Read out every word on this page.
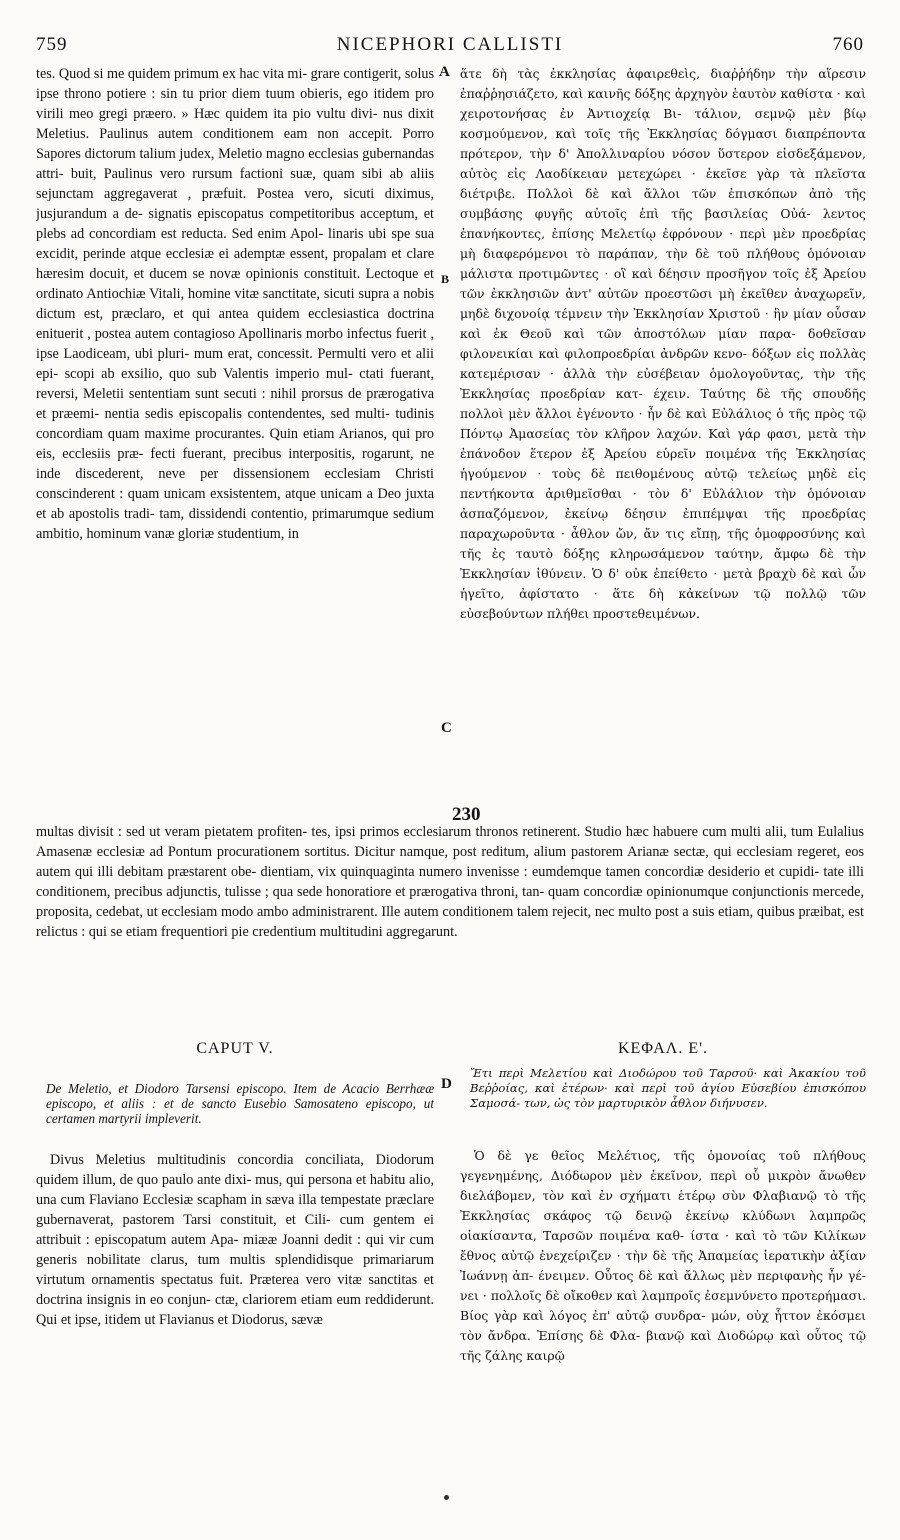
759	NICEPHORI CALLISTI	760

tes. Quod si me quidem primum ex hac vita mi- grare contigerit, solus ipse throno potiere : sin tu prior diem tuum obieris, ego itidem pro virili meo gregi præero. » Hæc quidem ita pio vultu divi- nus dixit Meletius. Paulinus autem conditionem eam non accepit. Porro Sapores dictorum talium judex, Meletio magno ecclesias gubernandas attri- buit, Paulinus vero rursum factioni suæ, quam sibi ab aliis sejunctam aggregaverat , præfuit. Postea vero, sicuti diximus, jusjurandum a de- signatis episcopatus competitoribus acceptum, et plebs ad concordiam est reducta. Sed enim Apol- linaris ubi spe sua excidit, perinde atque ecclesiæ ei ademptæ essent, propalam et clare hæresim docuit, et ducem se novæ opinionis constituit. Lectoque et ordinato Antiochiæ Vitali, homine vitæ sanctitate, sicuti supra a nobis dictum est, præclaro, et qui antea quidem ecclesiastica doctrina enituerit , postea autem contagioso Apollinaris morbo infectus fuerit , ipse Laodiceam, ubi pluri- mum erat, concessit. Permulti vero et alii epi- scopi ab exsilio, quo sub Valentis imperio mul- ctati fuerant, reversi, Meletii sententiam sunt secuti : nihil prorsus de prærogativa et præemi- nentia sedis episcopalis contendentes, sed multi- tudinis concordiam quam maxime procurantes. Quin etiam Arianos, qui pro eis, ecclesiis præ- fecti fuerant, precibus interpositis, rogarunt, ne inde discederent, neve per dissensionem ecclesiam Christi conscinderent : quam unicam exsistentem, atque unicam a Deo juxta et ab apostolis tradi- tam, dissidendi contentio, primarumque sedium ambitio, hominum vanæ gloriæ studentium, in

A
B
C

ἅτε δὴ τὰς ἐκκλησίας ἀφαιρεθεὶς, διαῤῥήδην τὴν αἵρεσιν ἐπαῤῥησιάζετο, καὶ καινῆς δόξης ἀρχηγὸν ἑαυτὸν καθίστα · καὶ χειροτονήσας ἐν Ἀντιοχείᾳ Βι- τάλιον, σεμνῷ μὲν βίῳ κοσμούμενον, καὶ τοῖς τῆς Ἐκκλησίας δόγμασι διαπρέποντα πρότερον, τὴν δ' Ἀπολλιναρίου νόσον ὕστερον εἰσδεξάμενον, αὐτὸς εἰς Λαοδίκειαν μετεχώρει · ἐκεῖσε γὰρ τὰ πλεῖστα διέτριβε. Πολλοὶ δὲ καὶ ἄλλοι τῶν ἐπισκόπων ἀπὸ τῆς συμβάσης φυγῆς αὐτοῖς ἐπὶ τῆς βασιλείας Οὐά- λεντος ἐπανήκοντες, ἐπίσης Μελετίῳ ἐφρόνουν · περὶ μὲν προεδρίας μὴ διαφερόμενοι τὸ παράπαν, τὴν δὲ τοῦ πλήθους ὁμόνοιαν μάλιστα προτιμῶντες · οἳ καὶ δέησιν προσῆγον τοῖς ἐξ Ἀρείου τῶν ἐκκλησιῶν ἀντ' αὐτῶν προεστῶσι μὴ ἐκεῖθεν ἀναχωρεῖν, μηδὲ διχονοίᾳ τέμνειν τὴν Ἐκκλησίαν Χριστοῦ · ἣν μίαν οὖσαν καὶ ἐκ Θεοῦ καὶ τῶν ἀποστόλων μίαν παρα- δοθεῖσαν φιλονεικίαι καὶ φιλοπροεδρίαι ἀνδρῶν κενο- δόξων εἰς πολλὰς κατεμέρισαν · ἀλλὰ τὴν εὐσέβειαν ὁμολογοῦντας, τὴν τῆς Ἐκκλησίας προεδρίαν κατ- έχειν. Ταύτης δὲ τῆς σπουδῆς πολλοὶ μὲν ἄλλοι ἐγένοντο · ἦν δὲ καὶ Εὐλάλιος ὁ τῆς πρὸς τῷ Πόντῳ Ἀμασείας τὸν κλῆρον λαχών. Καὶ γάρ φασι, μετὰ τὴν ἐπάνοδον ἕτερον ἐξ Ἀρείου εὑρεῖν ποιμένα τῆς Ἐκκλησίας ἡγούμενον · τοὺς δὲ πειθομένους αὐτῷ τελείως μηδὲ εἰς πεντήκοντα ἀριθμεῖσθαι · τὸν δ' Εὐλάλιον τὴν ὁμόνοιαν ἀσπαζόμενον, ἐκείνῳ δέησιν ἐπιπέμψαι τῆς προεδρίας παραχωροῦντα · ἆθλον ὤν, ἄν τις εἴπῃ, τῆς ὁμοφροσύνης καὶ τῆς ἐς ταυτὸ δόξης κληρωσάμενον ταύτην, ἄμφω δὲ τὴν Ἐκκλησίαν ἰθύνειν. Ὁ δ' οὐκ ἐπείθετο · μετὰ βραχὺ δὲ καὶ ὧν ἡγεῖτο, ἀφίστατο · ἅτε δὴ κἀκείνων τῷ πολλῷ τῶν εὐσεβούντων πλήθει προστεθειμένων.

230

multas divisit : sed ut veram pietatem profiten- tes, ipsi primos ecclesiarum thronos retinerent. Studio hæc habuere cum multi alii, tum Eulalius Amasenæ ecclesiæ ad Pontum procurationem sortitus. Dicitur namque, post reditum, alium pastorem Arianæ sectæ, qui ecclesiam regeret, eos autem qui illi debitam præstarent obe- dientiam, vix quinquaginta numero invenisse : eumdemque tamen concordiæ desiderio et cupidi- tate illi conditionem, precibus adjunctis, tulisse ; qua sede honoratiore et prærogativa throni, tan- quam concordiæ opinionumque conjunctionis mercede, proposita, cedebat, ut ecclesiam modo ambo administrarent. Ille autem conditionem talem rejecit, nec multo post a suis etiam, quibus præibat, est relictus : qui se etiam frequentiori pie credentium multitudini aggregarunt.

CAPUT V.	ΚΕΦΑΛ. Ε'.

De Meletio, et Diodoro Tarsensi episcopo. Item de Acacio Berrhææ episcopo, et aliis : et de sancto Eusebio Samosateno episcopo, ut certamen martyrii impleverit.

D

Ἔτι περὶ Μελετίου καὶ Διοδώρου τοῦ Ταρσοῦ· καὶ Ἀκακίου τοῦ Βεῤῥοίας, καὶ ἑτέρων· καὶ περὶ τοῦ ἁγίου Εὐσεβίου ἐπισκόπου Σαμοσά- των, ὡς τὸν μαρτυρικὸν ἆθλον διήνυσεν.

Divus Meletius multitudinis concordia conciliata, Diodorum quidem illum, de quo paulo ante dixi- mus, qui persona et habitu alio, una cum Flaviano Ecclesiæ scapham in sæva illa tempestate præclare gubernaverat, pastorem Tarsi constituit, et Cili- cum gentem ei attribuit : episcopatum autem Apa- miææ Joanni dedit : qui vir cum generis nobilitate clarus, tum multis splendidisque primariarum virtutum ornamentis spectatus fuit. Præterea vero vitæ sanctitas et doctrina insignis in eo conjun- ctæ, clariorem etiam eum reddiderunt. Qui et ipse, itidem ut Flavianus et Diodorus, sævæ

Ὁ δὲ γε θεῖος Μελέτιος, τῆς ὁμονοίας τοῦ πλήθους γεγενημένης, Διόδωρον μὲν ἐκεῖνον, περὶ οὗ μικρὸν ἄνωθεν διελάβομεν, τὸν καὶ ἐν σχήματι ἑτέρῳ σὺν Φλαβιανῷ τὸ τῆς Ἐκκλησίας σκάφος τῷ δεινῷ ἐκείνῳ κλύδωνι λαμπρῶς οἰακίσαντα, Ταρσῶν ποιμένα καθ- ίστα · καὶ τὸ τῶν Κιλίκων ἔθνος αὐτῷ ἐνεχείριζεν · τὴν δὲ τῆς Ἀπαμείας ἱερατικὴν ἀξίαν Ἰωάννῃ ἀπ- ένειμεν. Οὗτος δὲ καὶ ἄλλως μὲν περιφανὴς ἦν γέ- νει · πολλοῖς δὲ οἴκοθεν καὶ λαμπροῖς ἐσεμνύνετο προτερήμασι. Βίος γὰρ καὶ λόγος ἐπ' αὐτῷ συνδρα- μών, οὐχ ἧττον ἐκόσμει τὸν ἄνδρα. Ἐπίσης δὲ Φλα- βιανῷ καὶ Διοδώρῳ καὶ οὗτος τῷ τῆς ζάλης καιρῷ
